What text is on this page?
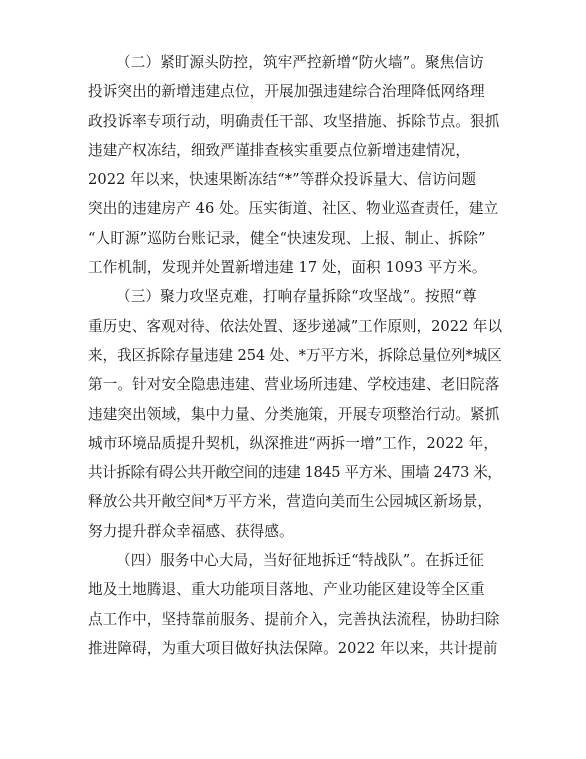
（二）紧盯源头防控，筑牢严控新增“防火墙”。聚焦信访
投诉突出的新增违建点位，开展加强违建综合治理降低网络理
政投诉率专项行动，明确责任干部、攻坚措施、拆除节点。狠抓
违建产权冻结，细致严谨排查核实重要点位新增违建情况，
2022 年以来，快速果断冻结“*”等群众投诉量大、信访问题
突出的违建房产 46 处。压实街道、社区、物业巡查责任，建立
“人盯源”巡防台账记录，健全“快速发现、上报、制止、拆除”
工作机制，发现并处置新增违建 17 处，面积 1093 平方米。

（三）聚力攻坚克难，打响存量拆除“攻坚战”。按照“尊
重历史、客观对待、依法处置、逐步递减”工作原则，2022 年以
来，我区拆除存量违建 254 处、*万平方米，拆除总量位列*城区
第一。针对安全隐患违建、营业场所违建、学校违建、老旧院落
违建突出领域，集中力量、分类施策，开展专项整治行动。紧抓
城市环境品质提升契机，纵深推进“两拆一增”工作，2022 年，
共计拆除有碍公共开敞空间的违建 1845 平方米、围墙 2473 米，
释放公共开敞空间*万平方米，营造向美而生公园城区新场景，
努力提升群众幸福感、获得感。

（四）服务中心大局，当好征地拆迁“特战队”。在拆迁征
地及土地腾退、重大功能项目落地、产业功能区建设等全区重
点工作中，坚持靠前服务、提前介入，完善执法流程，协助扫除
推进障碍，为重大项目做好执法保障。2022 年以来，共计提前
